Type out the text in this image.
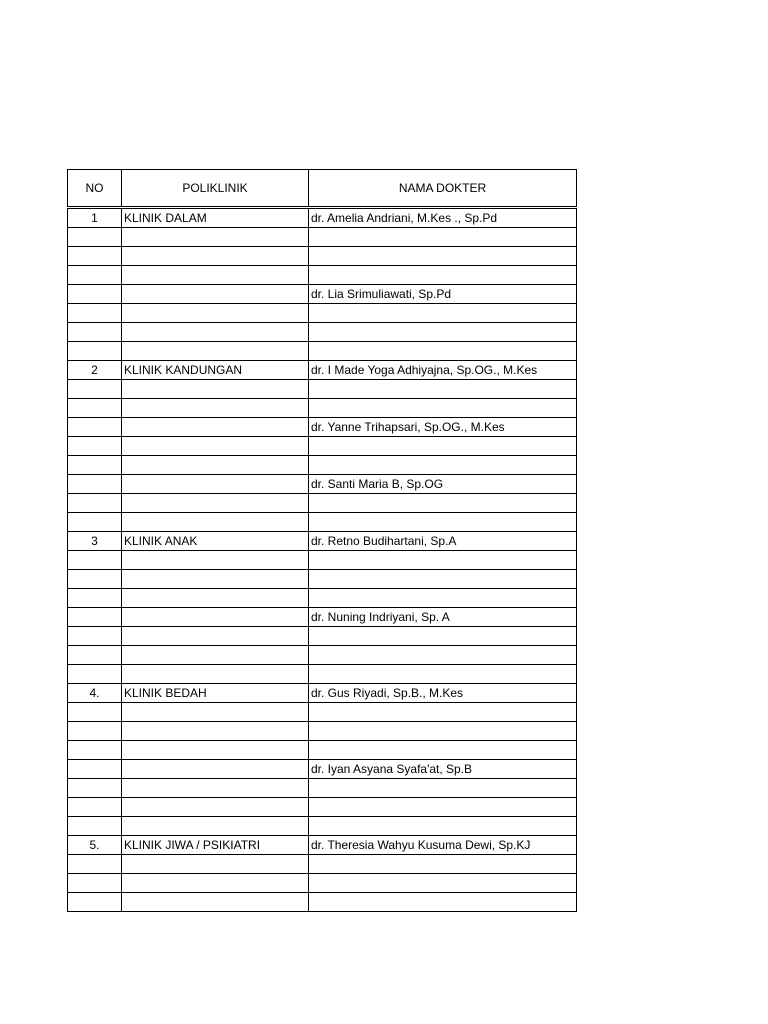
NO	POLIKLINIK	NAMA DOKTER
1	KLINIK DALAM	dr. Amelia Andriani, M.Kes ., Sp.Pd

		dr. Lia Srimuliawati, Sp.Pd

2	KLINIK KANDUNGAN	dr. I Made Yoga Adhiyajna, Sp.OG., M.Kes

		dr. Yanne Trihapsari, Sp.OG., M.Kes

		dr. Santi Maria B, Sp.OG

3	KLINIK ANAK	dr. Retno Budihartani, Sp.A

		dr. Nuning Indriyani, Sp. A

4.	KLINIK BEDAH	dr. Gus Riyadi, Sp.B., M.Kes

		dr. Iyan Asyana Syafa'at, Sp.B

5.	KLINIK JIWA / PSIKIATRI	dr. Theresia Wahyu Kusuma Dewi, Sp.KJ
